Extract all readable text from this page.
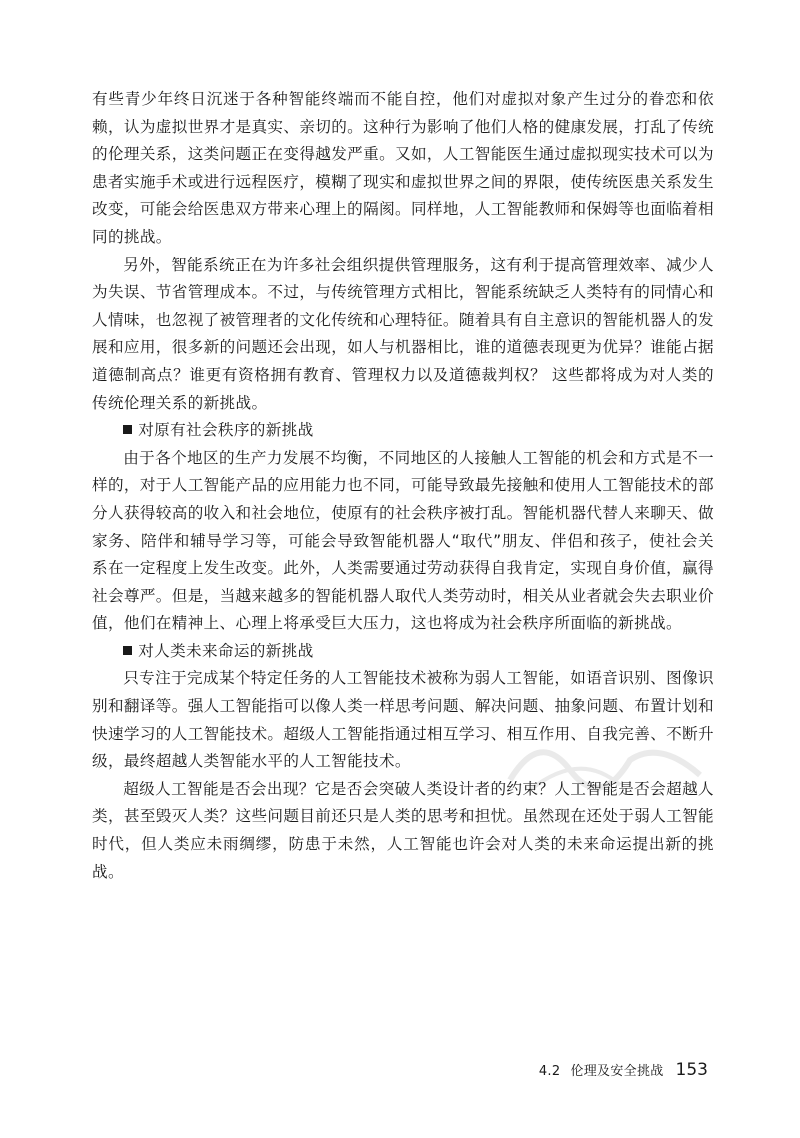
有些青少年终日沉迷于各种智能终端而不能自控，他们对虚拟对象产生过分的眷恋和依赖，认为虚拟世界才是真实、亲切的。这种行为影响了他们人格的健康发展，打乱了传统的伦理关系，这类问题正在变得越发严重。又如，人工智能医生通过虚拟现实技术可以为患者实施手术或进行远程医疗，模糊了现实和虚拟世界之间的界限，使传统医患关系发生改变，可能会给医患双方带来心理上的隔阂。同样地，人工智能教师和保姆等也面临着相同的挑战。

另外，智能系统正在为许多社会组织提供管理服务，这有利于提高管理效率、减少人为失误、节省管理成本。不过，与传统管理方式相比，智能系统缺乏人类特有的同情心和人情味，也忽视了被管理者的文化传统和心理特征。随着具有自主意识的智能机器人的发展和应用，很多新的问题还会出现，如人与机器相比，谁的道德表现更为优异？谁能占据道德制高点？谁更有资格拥有教育、管理权力以及道德裁判权？ 这些都将成为对人类的传统伦理关系的新挑战。

对原有社会秩序的新挑战

由于各个地区的生产力发展不均衡，不同地区的人接触人工智能的机会和方式是不一样的，对于人工智能产品的应用能力也不同，可能导致最先接触和使用人工智能技术的部分人获得较高的收入和社会地位，使原有的社会秩序被打乱。智能机器代替人来聊天、做家务、陪伴和辅导学习等，可能会导致智能机器人“取代”朋友、伴侣和孩子，使社会关系在一定程度上发生改变。此外，人类需要通过劳动获得自我肯定，实现自身价值，赢得社会尊严。但是，当越来越多的智能机器人取代人类劳动时，相关从业者就会失去职业价值，他们在精神上、心理上将承受巨大压力，这也将成为社会秩序所面临的新挑战。

对人类未来命运的新挑战

只专注于完成某个特定任务的人工智能技术被称为弱人工智能，如语音识别、图像识别和翻译等。强人工智能指可以像人类一样思考问题、解决问题、抽象问题、布置计划和快速学习的人工智能技术。超级人工智能指通过相互学习、相互作用、自我完善、不断升级，最终超越人类智能水平的人工智能技术。

超级人工智能是否会出现？它是否会突破人类设计者的约束？人工智能是否会超越人类，甚至毁灭人类？这些问题目前还只是人类的思考和担忧。虽然现在还处于弱人工智能时代，但人类应未雨绸缪，防患于未然，人工智能也许会对人类的未来命运提出新的挑战。

4.2 伦理及安全挑战 153
